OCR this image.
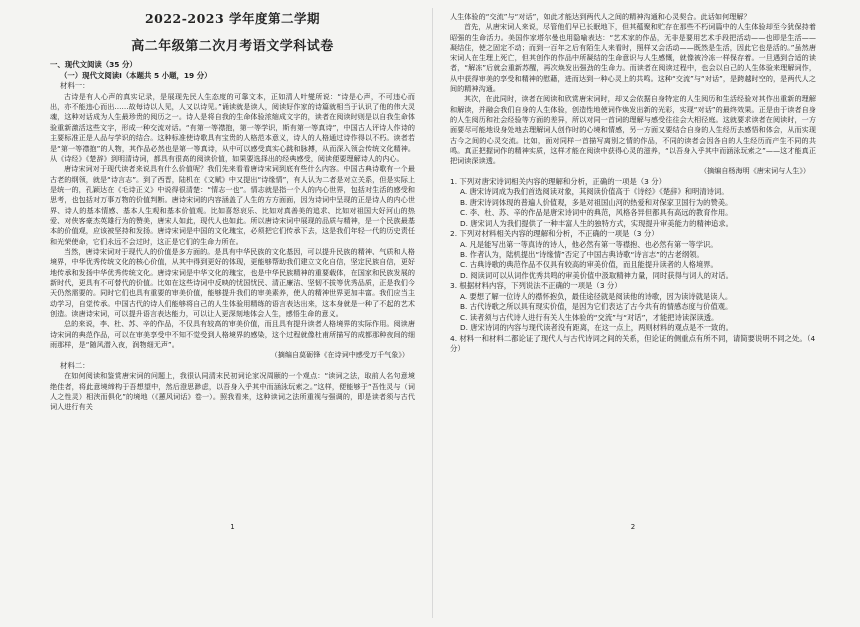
2022-2023 学年度第二学期
高二年级第二次月考语文学科试卷
一、现代文阅读（35 分）
（一）现代文阅读Ⅰ（本题共 5 小题，19 分）
材料一：

古诗是有人心声的真实记录，是展现先民人生态度的可靠文本，正如清人叶燮所说：“诗是心声，不可违心而出，亦不能违心而出……故每诗以人见，人又以诗见。”诵读就是读人，阅读好作家的诗篇就相当于认识了他的伟大灵魂，这种对话成为人生最珍贵的阅历之一。诗人是将自我的生命体验浓缩成文字的，读者在阅读时则是以自我生命体验重新激活这些文字，形成一种交流对话。“有第一等襟抱，第一等学识，斯有第一等真诗”，中国古人评诗人作诗的主要标准正是人品与学识的结合。这种标准使诗歌具有宝贵的人格范本意义，诗人的人格通过诗作得以不朽。读者若是“第一等襟抱”的人物，其作品必然也是第一等真诗，从中可以感受真实心跳和脉搏，从而深入领会传统文化精神。从《诗经》《楚辞》到明清诗词，都具有很高的阅读价值，如果要选择出的经典感受，阅读便要理解诗人的内心。

唐诗宋词对于现代读者来说具有什么价值呢？我们先来看看唐诗宋词到底有些什么内容。中国古典诗歌有一个最古老的纲领，就是“诗言志”。到了西晋，陆机在《文赋》中又提出“诗缘情”，有人认为二者是对立关系，但是实际上是统一的，孔颖达在《毛诗正义》中说得很清楚：“情志一也”。情志就是指一个人的内心世界，包括对生活的感受和思考，也包括对万事万物的价值判断。唐诗宋词的内容涵盖了人生的方方面面，因为诗词中呈现的正是诗人的内心世界、诗人的基本情感、基本人生观和基本价值观。比如喜怒哀乐、比如对真善美的追求、比如对祖国大好河山的热爱、对侠客豪杰英雄行为的赞美，唐宋人如此，现代人也如此。所以唐诗宋词中展现的品质与精神，是一个民族最基本的价值观，应该被坚持和发扬。唐诗宋词是中国的文化瑰宝，必须把它们传承下去，这是我们年轻一代的历史责任和光荣使命，它们永远不会过时，这正是它们的生命力所在。

当然，唐诗宋词对于现代人的价值是多方面的。是具有中华民族的文化基因，可以提升民族的精神、气质和人格境界，中华优秀传统文化的核心价值，从其中得到更好的体现，更能够帮助我们建立文化自信，坚定民族自信，更好地传承和发扬中华优秀传统文化。唐诗宋词是中华文化的瑰宝，也是中华民族精神的重要载体，在国家和民族发展的新时代，更具有不可替代的价值。比如在这些诗词中反映的忧国忧民、清正廉洁、坚韧不拔等优秀品质，正是我们今天仍然需要的。同时它们也具有重要的审美价值，能够提升我们的审美素养，使人的精神世界更加丰富。我们应当主动学习，自觉传承。中国古代的诗人们能够将自己的人生体验用精练的语言表达出来，这本身就是一种了不起的艺术创造。读唐诗宋词，可以提升语言表达能力，可以让人更深刻地体会人生，感悟生命的意义。

总的来说，李、杜、苏、辛的作品，不仅具有较高的审美价值，而且具有提升读者人格境界的实际作用。阅读唐诗宋词的典范作品，可以在审美享受中不知不觉受到人格境界的感染，这个过程就像杜甫所描写的成都那种夜间的细雨那样，是“随风潜入夜，润物细无声”。

（摘编自莫砺锋《在诗词中感受万千气象》）

材料二：

在如何阅读和鉴赏唐宋词的问题上，我很认同清末民初词论家况周颐的一个观点：“读词之法，取前人名句意境绝佳者，将此意境缔构于吾想望中，然后澄思渺虑，以吾身入乎其中而涵泳玩索之。”这样，便能够于“吾性灵与（词人之性灵）相浃而俱化”的境地（《蕙风词话》卷一）。照我看来，这种读词之法所重视与强调的，即是读者须与古代词人进行有关

1

人生体验的“交流”与“对话”，如此才能达到两代人之间的精神沟通和心灵契合。此话如何理解？

首先，从唐宋词人来说，尽管他们早已长眠地下，但其蕴聚和贮存在那些不朽词篇中的人生体验却至今犹保持着昭强的生命活力。美国作家塔尔曼也用隐喻表达：“艺术家的作品，无非是要用艺术手段把活动——也即是生活——凝结住，使之固定不动；而到一百年之后有陌生人来看时，照样又会活动——既然是生活，因此它也是活的。”虽然唐宋词人在生理上死亡，但其创作的作品中所凝结的生命意识与人生感慨，就像被冷冻一样保存着。一旦遇到合适的读者，“解冻”后就会重新苏醒，再次焕发出强劲的生命力。而读者在阅读过程中，也会以自己的人生体验来理解词作，从中获得审美的享受和精神的慰藉，进而达到一种心灵上的共鸣。这种“交流”与“对话”，是跨越时空的，是两代人之间的精神沟通。

其次，在此同时，读者在阅读和欣赏唐宋词时，却又会依据自身特定的人生阅历和生活经验对其作出重新的理解和解读，并融会我们自身的人生体验，创造性地使词作焕发出新的光彩，实现“对话”的最终效果。正是由于读者自身的人生阅历和社会经验等方面的差异，所以对同一首词的理解与感受往往会大相径庭。这就要求读者在阅读时，一方面要尽可能地设身处地去理解词人创作时的心境和情感，另一方面又要结合自身的人生经历去感悟和体会，从而实现古今之间的心灵交流。比如，面对同样一首描写离别之情的作品，不同的读者会因各自的人生经历而产生不同的共鸣。真正把握词作的精神实质，这样才能在阅读中获得心灵的滋养，“以吾身入乎其中而涵泳玩索之”——这才能真正把词读深读透。

（摘编自杨海明《唐宋词与人生》）

1. 下列对唐宋诗词相关内容的理解和分析，正确的一项是（3 分）

A. 唐宋诗词成为我们首选阅读对象，其阅读价值高于《诗经》《楚辞》和明清诗词。

B. 唐宋诗词体现的普遍人价值观，多是对祖国山河的热爱和对保家卫国行为的赞美。

C. 李、杜、苏、辛的作品是唐宋诗词中的典范，风格各异但都具有高远的教育作用。

D. 唐宋词人为我们提供了一种丰富人生的独特方式，实现提升审美能力的精神追求。

2. 下列对材料相关内容的理解和分析，不正确的一项是（3 分）

A. 凡是能写出第一等真诗的诗人，他必然有第一等襟抱、也必然有第一等学识。

B. 作者认为，陆机提出“诗缘情”否定了中国古典诗歌“诗言志”的古老纲领。

C. 古典诗歌的典范作品不仅具有较高的审美价值，而且能提升读者的人格境界。

D. 阅读词可以从词作优秀共鸣的审美价值中汲取精神力量，同时获得与词人的对话。

3. 根据材料内容，下列说法不正确的一项是（3 分）

A. 要想了解一位诗人的襟怀抱负，最佳途径就是阅读他的诗歌，因为读诗就是读人。

B. 古代诗歌之所以具有现实价值，是因为它们表达了古今共有的情感态度与价值观。

C. 读者须与古代诗人进行有关人生体验的“交流”与“对话”，才能把诗读深读透。

D. 唐宋诗词的内容与现代读者没有距离，在这一点上，两则材料的观点是不一致的。

4. 材料一和材料二都论证了现代人与古代诗词之间的关系，但论证的侧重点有所不同，请简要说明不同之处。（4 分）

2
